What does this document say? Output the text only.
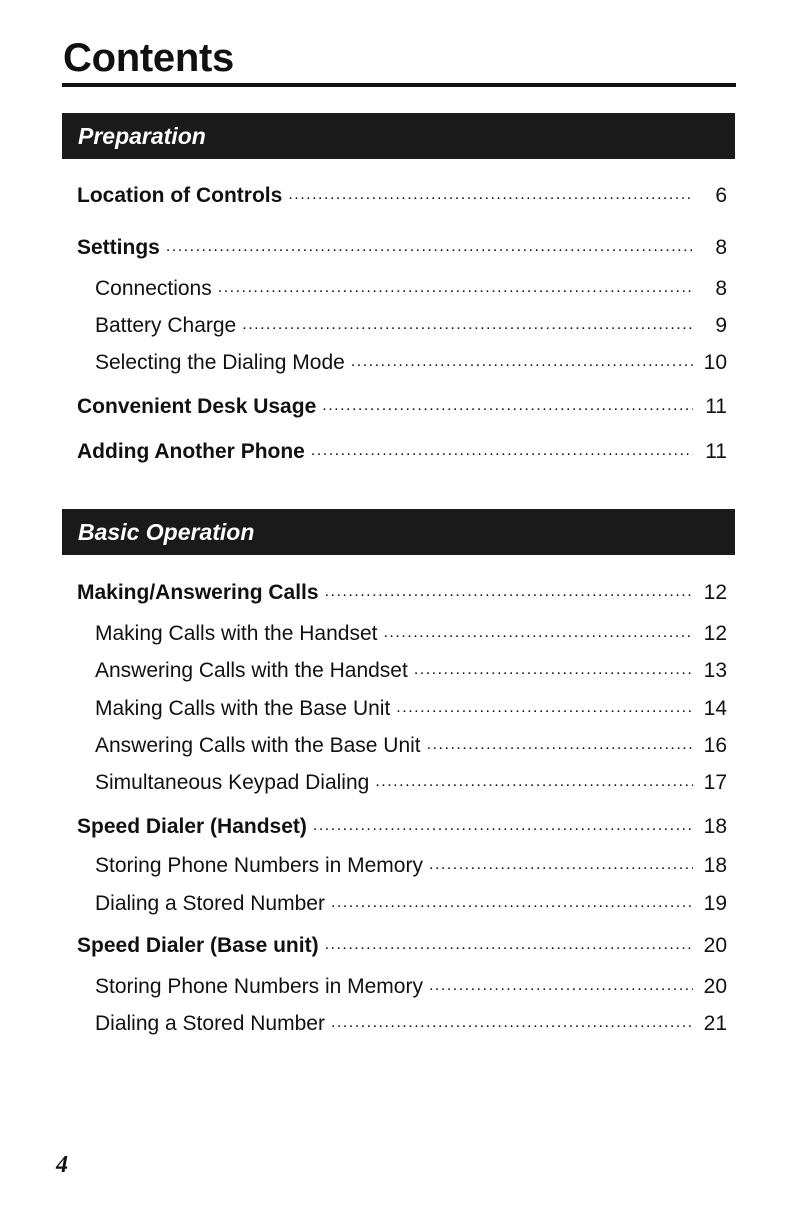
Contents
Preparation
Basic Operation
Location of Controls .....	6
Settings .....	8
Connections .....	8
Battery Charge .....	9
Selecting the Dialing Mode .....	10
Convenient Desk Usage .....	11
Adding Another Phone .....	11
Making/Answering Calls .....	12
Making Calls with the Handset .....	12
Answering Calls with the Handset .....	13
Making Calls with the Base Unit .....	14
Answering Calls with the Base Unit .....	16
Simultaneous Keypad Dialing .....	17
Speed Dialer (Handset) .....	18
Storing Phone Numbers in Memory .....	18
Dialing a Stored Number .....	19
Speed Dialer (Base unit) .....	20
Storing Phone Numbers in Memory .....	20
Dialing a Stored Number .....	21
4
